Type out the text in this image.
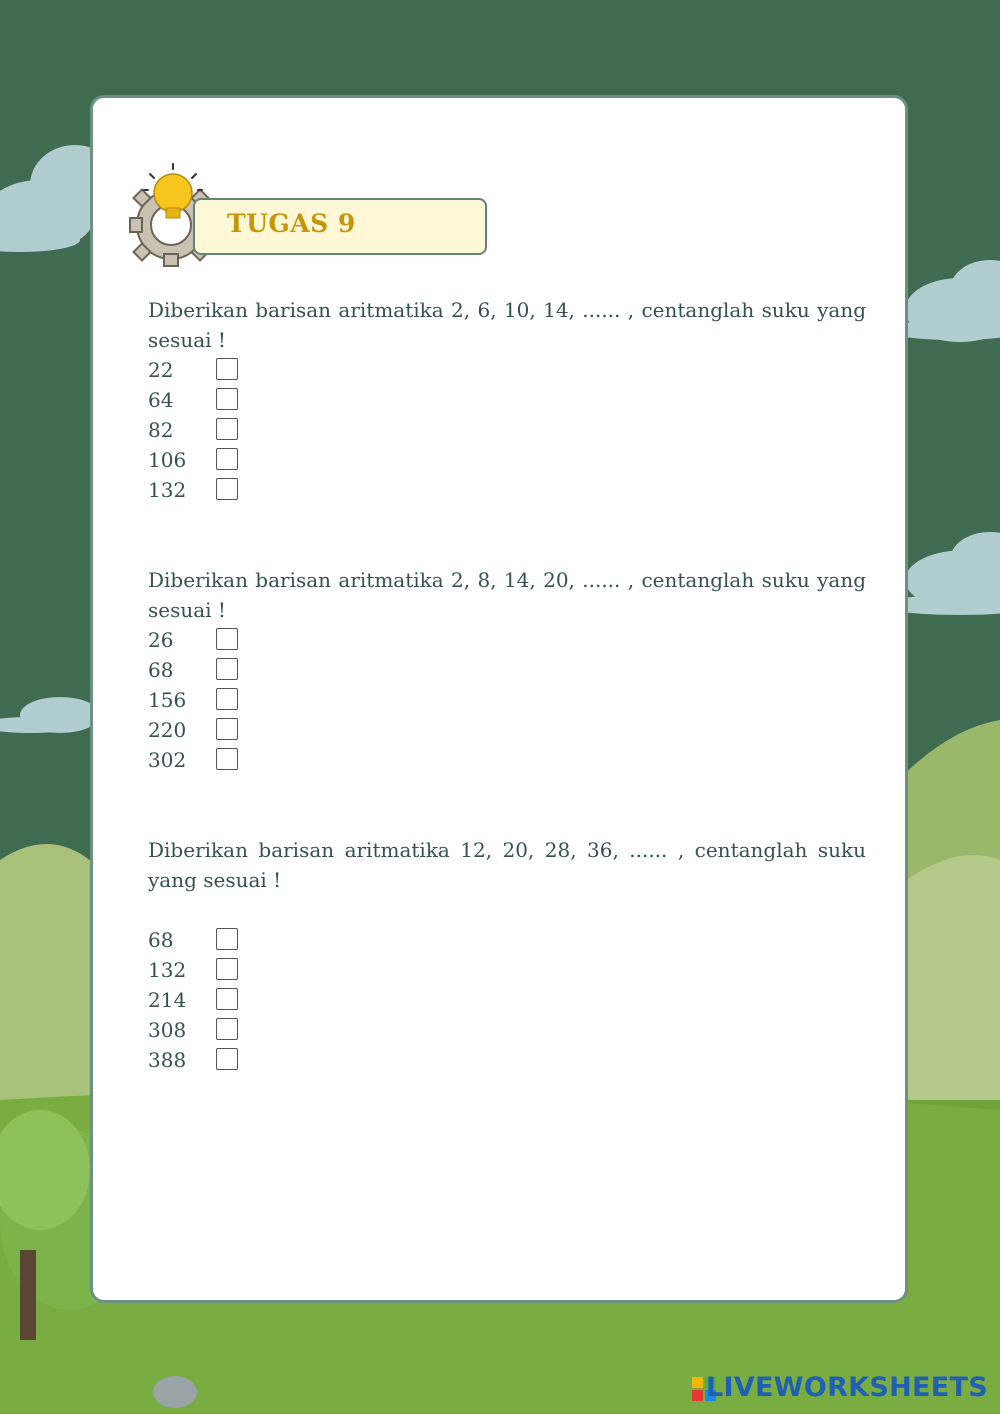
TUGAS 9
Diberikan barisan aritmatika 2, 6, 10, 14, ...... , centanglah suku yang sesuai !
22
64
82
106
132
Diberikan barisan aritmatika 2, 8, 14, 20, ...... , centanglah suku yang sesuai !
26
68
156
220
302
Diberikan barisan aritmatika 12, 20, 28, 36, ...... , centanglah suku yang sesuai !
68
132
214
308
388
LIVEWORKSHEETS
